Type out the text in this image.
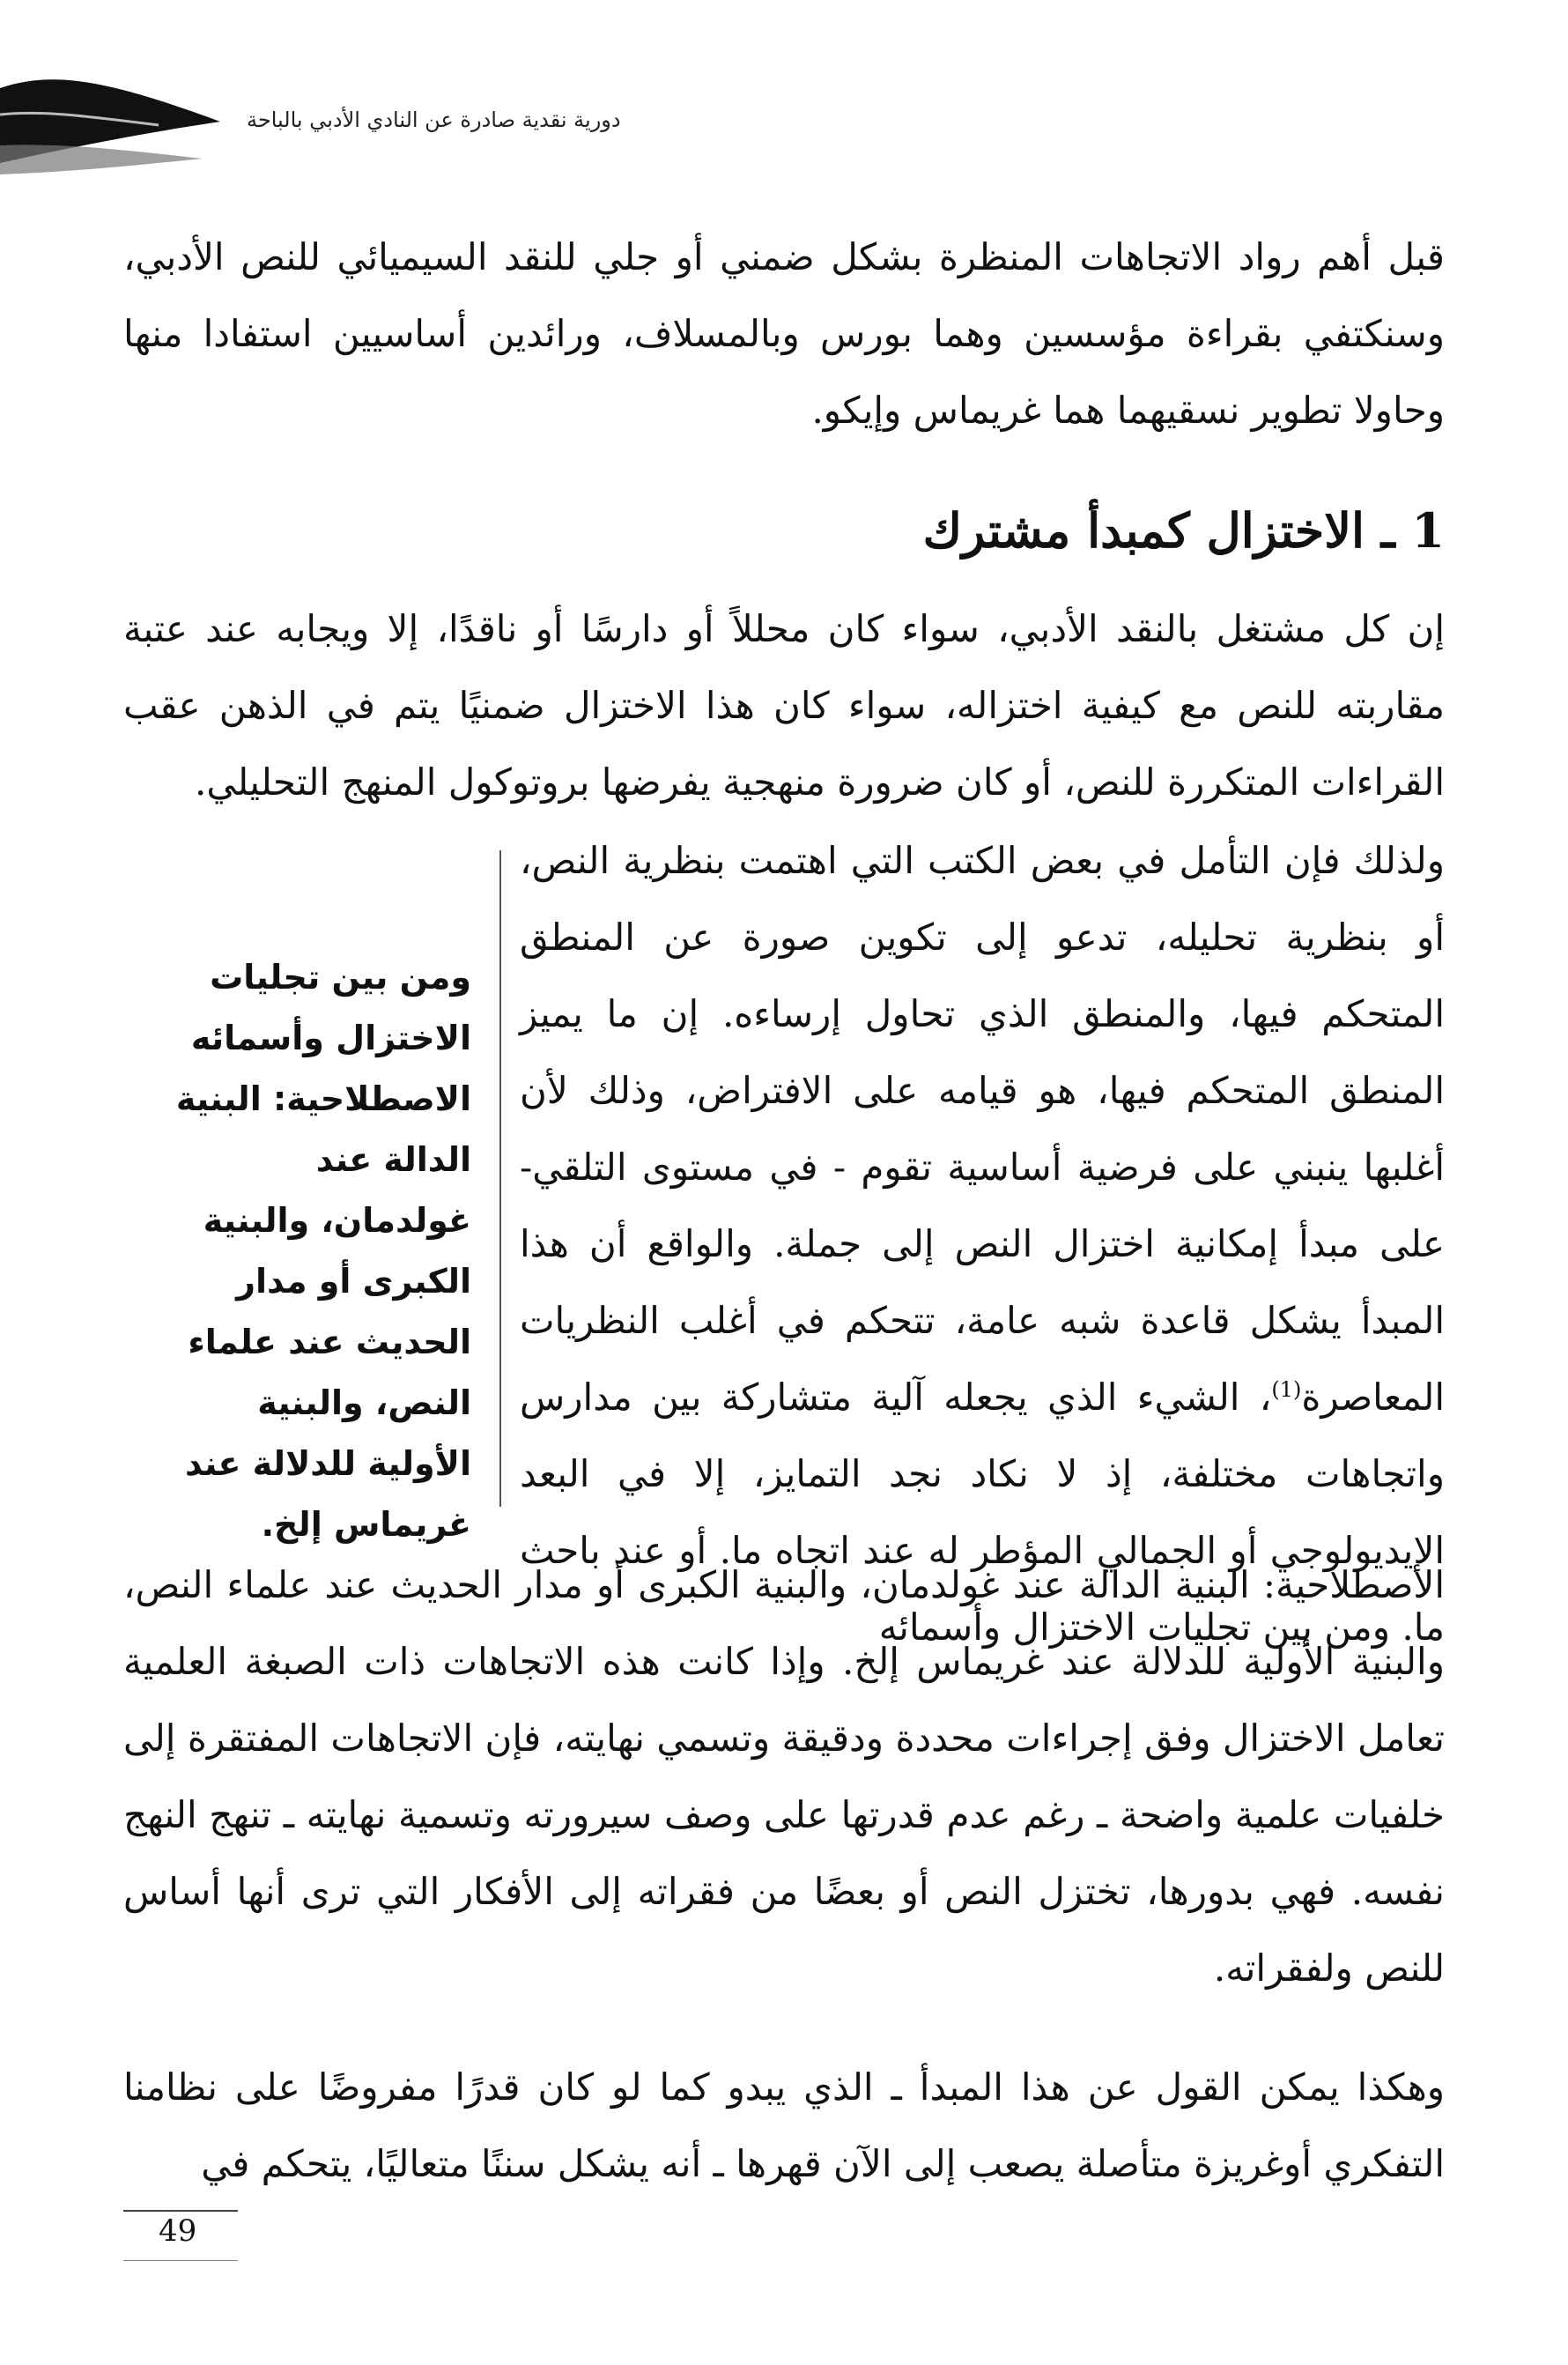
دورية نقدية صادرة عن النادي الأدبي بالباحة

قبل أهم رواد الاتجاهات المنظرة بشكل ضمني أو جلي للنقد السيميائي للنص الأدبي، وسنكتفي بقراءة مؤسسين وهما بورس وبالمسلاف، ورائدين أساسيين استفادا منها وحاولا تطوير نسقيهما هما غريماس وإيكو.

1 ـ الاختزال كمبدأ مشترك

إن كل مشتغل بالنقد الأدبي، سواء كان محللاً أو دارسًا أو ناقدًا، إلا ويجابه عند عتبة مقاربته للنص مع كيفية اختزاله، سواء كان هذا الاختزال ضمنيًا يتم في الذهن عقب القراءات المتكررة للنص، أو كان ضرورة منهجية يفرضها بروتوكول المنهج التحليلي.

ولذلك فإن التأمل في بعض الكتب التي اهتمت بنظرية النص، أو بنظرية تحليله، تدعو إلى تكوين صورة عن المنطق المتحكم فيها، والمنطق الذي تحاول إرساءه. إن ما يميز المنطق المتحكم فيها، هو قيامه على الافتراض، وذلك لأن أغلبها ينبني على فرضية أساسية تقوم - في مستوى التلقي- على مبدأ إمكانية اختزال النص إلى جملة. والواقع أن هذا المبدأ يشكل قاعدة شبه عامة، تتحكم في أغلب النظريات المعاصرة$^{(1)}$، الشيء الذي يجعله آلية متشاركة بين مدارس واتجاهات مختلفة، إذ لا نكاد نجد التمايز، إلا في البعد الإيديولوجي أو الجمالي المؤطر له عند اتجاه ما. أو عند باحث ما. ومن بين تجليات الاختزال وأسمائه
ومن بين تجليات الاختزال وأسمائه الاصطلاحية: البنية الدالة عند غولدمان، والبنية الكبرى أو مدار الحديث عند علماء النص، والبنية الأولية للدلالة عند غريماس إلخ.

الاصطلاحية: البنية الدالة عند غولدمان، والبنية الكبرى أو مدار الحديث عند علماء النص، والبنية الأولية للدلالة عند غريماس إلخ. وإذا كانت هذه الاتجاهات ذات الصبغة العلمية تعامل الاختزال وفق إجراءات محددة ودقيقة وتسمي نهايته، فإن الاتجاهات المفتقرة إلى خلفيات علمية واضحة ـ رغم عدم قدرتها على وصف سيرورته وتسمية نهايته ـ تنهج النهج نفسه. فهي بدورها، تختزل النص أو بعضًا من فقراته إلى الأفكار التي ترى أنها أساس للنص ولفقراته.

وهكذا يمكن القول عن هذا المبدأ ـ الذي يبدو كما لو كان قدرًا مفروضًا على نظامنا التفكري أوغريزة متأصلة يصعب إلى الآن قهرها ـ أنه يشكل سننًا متعاليًا، يتحكم في

49
